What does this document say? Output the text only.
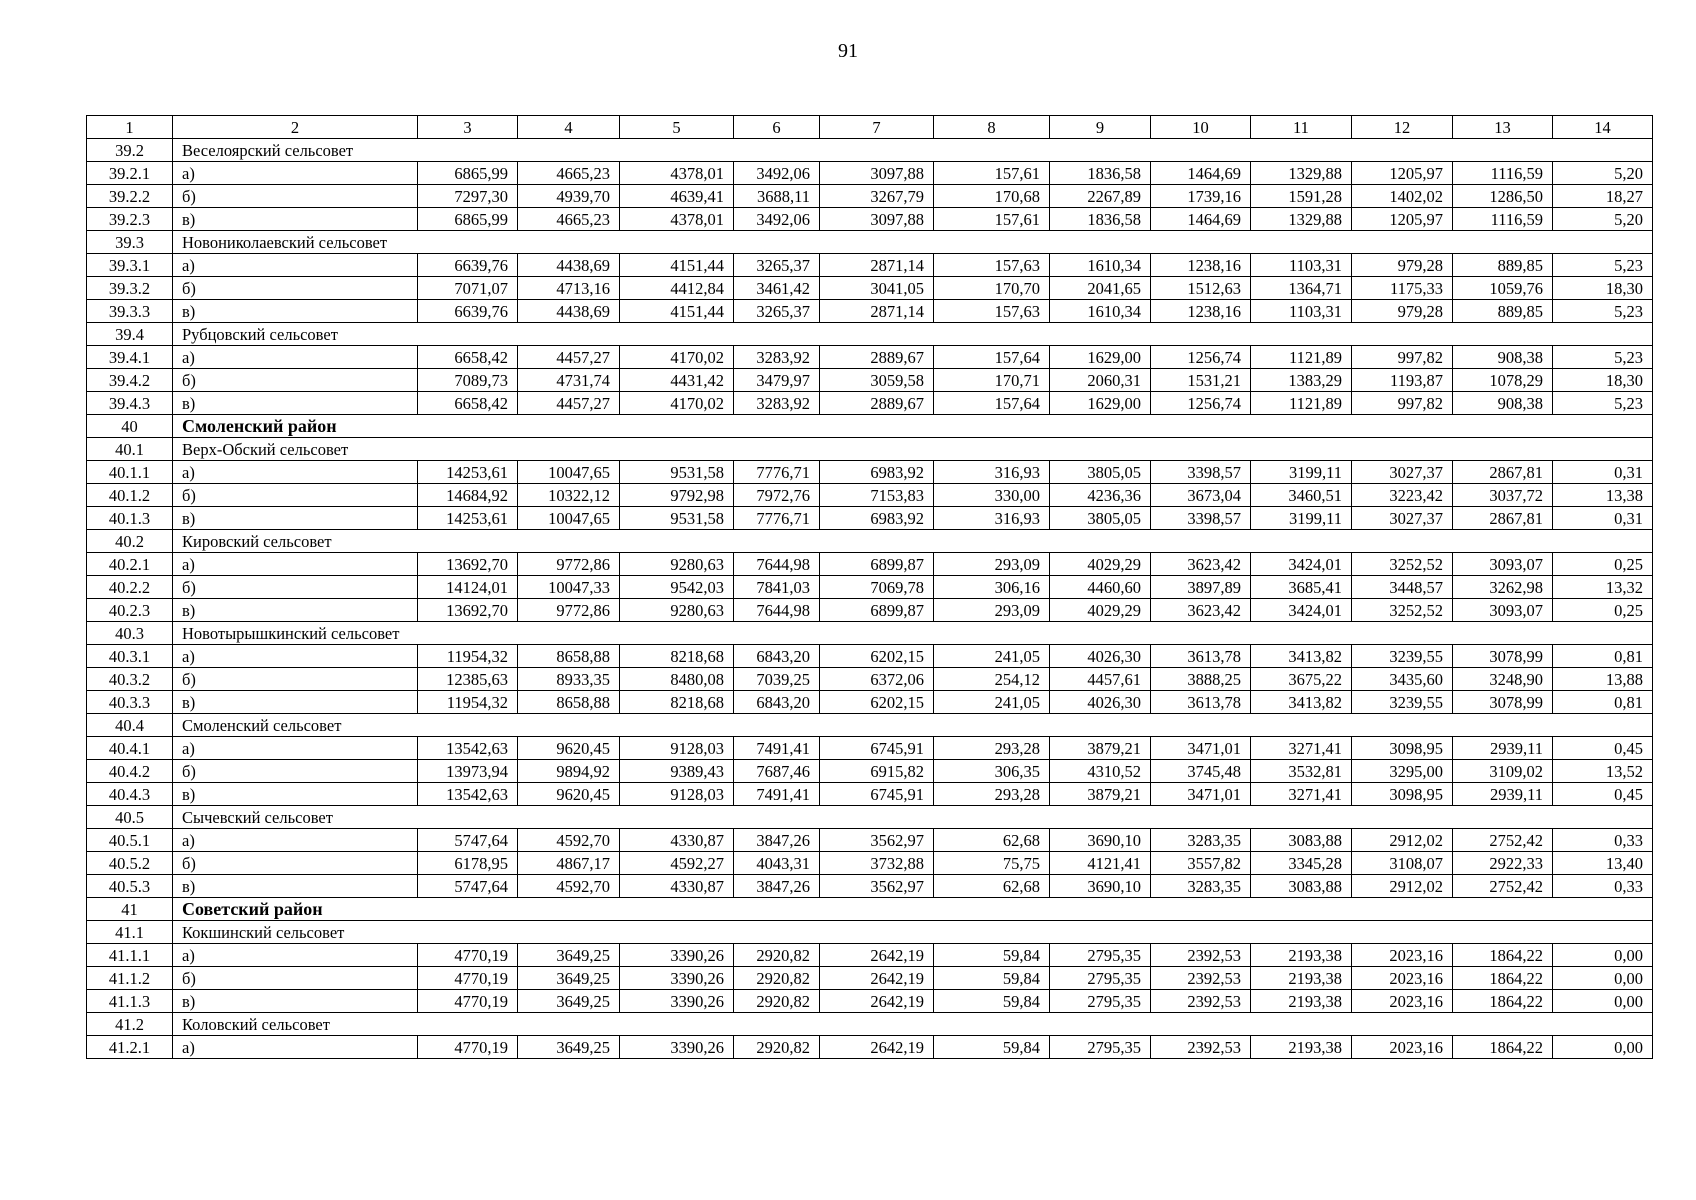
91
1	2	3	4	5	6	7	8	9	10	11	12	13	14
39.2	Веселоярский сельсовет												
39.2.1	а)	6865,99	4665,23	4378,01	3492,06	3097,88	157,61	1836,58	1464,69	1329,88	1205,97	1116,59	5,20
39.2.2	б)	7297,30	4939,70	4639,41	3688,11	3267,79	170,68	2267,89	1739,16	1591,28	1402,02	1286,50	18,27
39.2.3	в)	6865,99	4665,23	4378,01	3492,06	3097,88	157,61	1836,58	1464,69	1329,88	1205,97	1116,59	5,20
39.3	Новониколаевский сельсовет												
39.3.1	а)	6639,76	4438,69	4151,44	3265,37	2871,14	157,63	1610,34	1238,16	1103,31	979,28	889,85	5,23
39.3.2	б)	7071,07	4713,16	4412,84	3461,42	3041,05	170,70	2041,65	1512,63	1364,71	1175,33	1059,76	18,30
39.3.3	в)	6639,76	4438,69	4151,44	3265,37	2871,14	157,63	1610,34	1238,16	1103,31	979,28	889,85	5,23
39.4	Рубцовский сельсовет												
39.4.1	а)	6658,42	4457,27	4170,02	3283,92	2889,67	157,64	1629,00	1256,74	1121,89	997,82	908,38	5,23
39.4.2	б)	7089,73	4731,74	4431,42	3479,97	3059,58	170,71	2060,31	1531,21	1383,29	1193,87	1078,29	18,30
39.4.3	в)	6658,42	4457,27	4170,02	3283,92	2889,67	157,64	1629,00	1256,74	1121,89	997,82	908,38	5,23
40	Смоленский район												
40.1	Верх-Обский сельсовет												
40.1.1	а)	14253,61	10047,65	9531,58	7776,71	6983,92	316,93	3805,05	3398,57	3199,11	3027,37	2867,81	0,31
40.1.2	б)	14684,92	10322,12	9792,98	7972,76	7153,83	330,00	4236,36	3673,04	3460,51	3223,42	3037,72	13,38
40.1.3	в)	14253,61	10047,65	9531,58	7776,71	6983,92	316,93	3805,05	3398,57	3199,11	3027,37	2867,81	0,31
40.2	Кировский сельсовет												
40.2.1	а)	13692,70	9772,86	9280,63	7644,98	6899,87	293,09	4029,29	3623,42	3424,01	3252,52	3093,07	0,25
40.2.2	б)	14124,01	10047,33	9542,03	7841,03	7069,78	306,16	4460,60	3897,89	3685,41	3448,57	3262,98	13,32
40.2.3	в)	13692,70	9772,86	9280,63	7644,98	6899,87	293,09	4029,29	3623,42	3424,01	3252,52	3093,07	0,25
40.3	Новотырышкинский сельсовет												
40.3.1	а)	11954,32	8658,88	8218,68	6843,20	6202,15	241,05	4026,30	3613,78	3413,82	3239,55	3078,99	0,81
40.3.2	б)	12385,63	8933,35	8480,08	7039,25	6372,06	254,12	4457,61	3888,25	3675,22	3435,60	3248,90	13,88
40.3.3	в)	11954,32	8658,88	8218,68	6843,20	6202,15	241,05	4026,30	3613,78	3413,82	3239,55	3078,99	0,81
40.4	Смоленский сельсовет												
40.4.1	а)	13542,63	9620,45	9128,03	7491,41	6745,91	293,28	3879,21	3471,01	3271,41	3098,95	2939,11	0,45
40.4.2	б)	13973,94	9894,92	9389,43	7687,46	6915,82	306,35	4310,52	3745,48	3532,81	3295,00	3109,02	13,52
40.4.3	в)	13542,63	9620,45	9128,03	7491,41	6745,91	293,28	3879,21	3471,01	3271,41	3098,95	2939,11	0,45
40.5	Сычевский сельсовет												
40.5.1	а)	5747,64	4592,70	4330,87	3847,26	3562,97	62,68	3690,10	3283,35	3083,88	2912,02	2752,42	0,33
40.5.2	б)	6178,95	4867,17	4592,27	4043,31	3732,88	75,75	4121,41	3557,82	3345,28	3108,07	2922,33	13,40
40.5.3	в)	5747,64	4592,70	4330,87	3847,26	3562,97	62,68	3690,10	3283,35	3083,88	2912,02	2752,42	0,33
41	Советский район												
41.1	Кокшинский сельсовет												
41.1.1	а)	4770,19	3649,25	3390,26	2920,82	2642,19	59,84	2795,35	2392,53	2193,38	2023,16	1864,22	0,00
41.1.2	б)	4770,19	3649,25	3390,26	2920,82	2642,19	59,84	2795,35	2392,53	2193,38	2023,16	1864,22	0,00
41.1.3	в)	4770,19	3649,25	3390,26	2920,82	2642,19	59,84	2795,35	2392,53	2193,38	2023,16	1864,22	0,00
41.2	Коловский сельсовет												
41.2.1	а)	4770,19	3649,25	3390,26	2920,82	2642,19	59,84	2795,35	2392,53	2193,38	2023,16	1864,22	0,00
